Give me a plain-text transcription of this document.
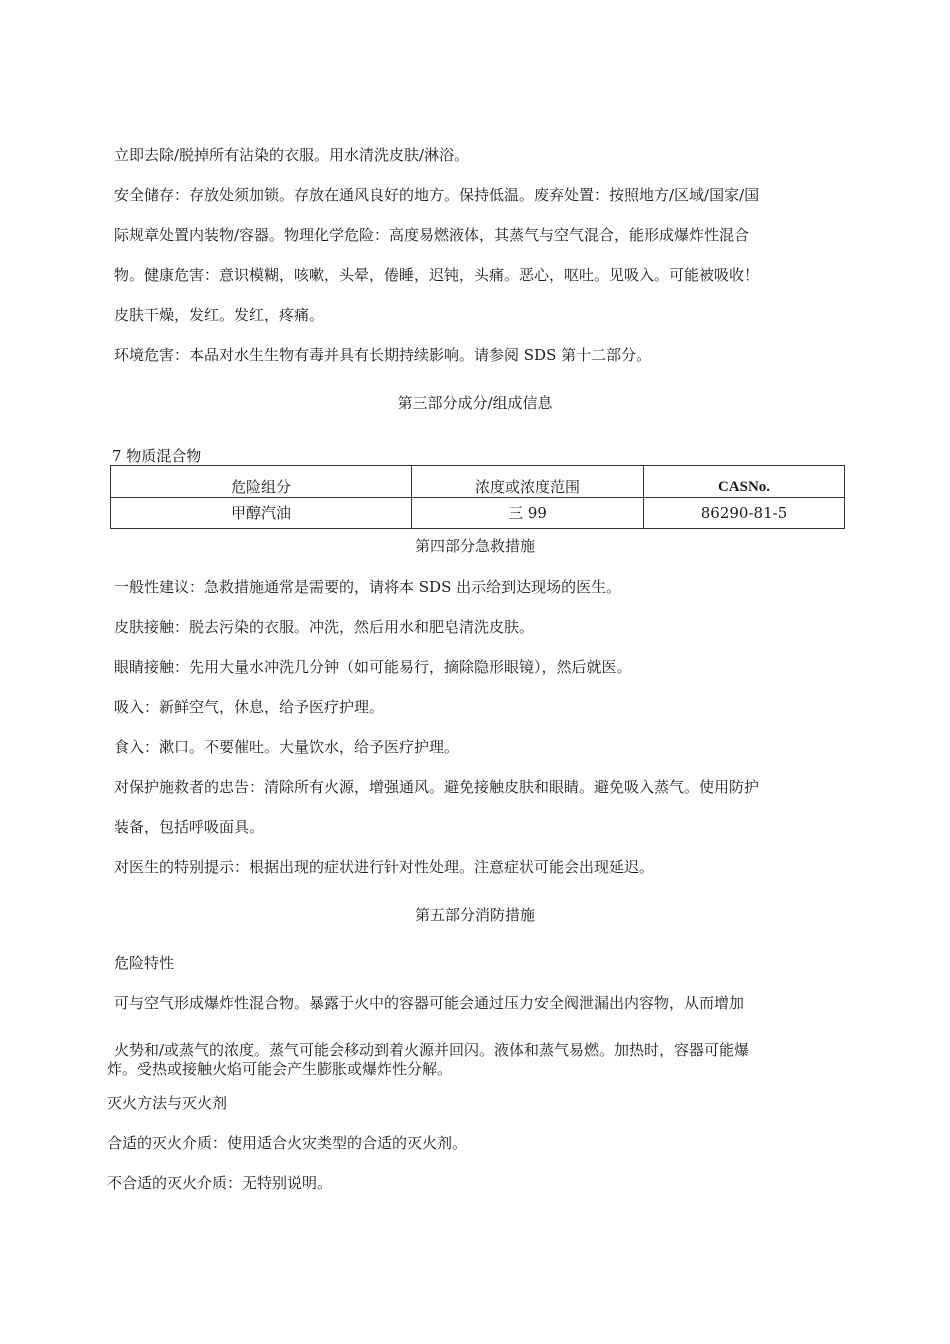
立即去除/脱掉所有沾染的衣服。用水清洗皮肤/淋浴。
安全储存：存放处须加锁。存放在通风良好的地方。保持低温。废弃处置：按照地方/区域/国家/国
际规章处置内装物/容器。物理化学危险：高度易燃液体，其蒸气与空气混合，能形成爆炸性混合
物。健康危害：意识模糊，咳嗽，头晕，倦睡，迟钝，头痛。恶心，呕吐。见吸入。可能被吸收！
皮肤干燥，发红。发红，疼痛。
环境危害：本品对水生生物有毒并具有长期持续影响。请参阅 SDS 第十二部分。
第三部分成分/组成信息
7 物质混合物
危险组分	浓度或浓度范围	CASNo.
甲醇汽油	三 99	86290-81-5
第四部分急救措施
一般性建议：急救措施通常是需要的，请将本 SDS 出示给到达现场的医生。
皮肤接触：脱去污染的衣服。冲洗，然后用水和肥皂清洗皮肤。
眼睛接触：先用大量水冲洗几分钟（如可能易行，摘除隐形眼镜），然后就医。
吸入：新鲜空气，休息，给予医疗护理。
食入：漱口。不要催吐。大量饮水，给予医疗护理。
对保护施救者的忠告：清除所有火源，增强通风。避免接触皮肤和眼睛。避免吸入蒸气。使用防护
装备，包括呼吸面具。
对医生的特别提示：根据出现的症状进行针对性处理。注意症状可能会出现延迟。
第五部分消防措施
危险特性
可与空气形成爆炸性混合物。暴露于火中的容器可能会通过压力安全阀泄漏出内容物，从而增加
火势和/或蒸气的浓度。蒸气可能会移动到着火源并回闪。液体和蒸气易燃。加热时，容器可能爆
炸。受热或接触火焰可能会产生膨胀或爆炸性分解。
灭火方法与灭火剂
合适的灭火介质：使用适合火灾类型的合适的灭火剂。
不合适的灭火介质：无特别说明。
